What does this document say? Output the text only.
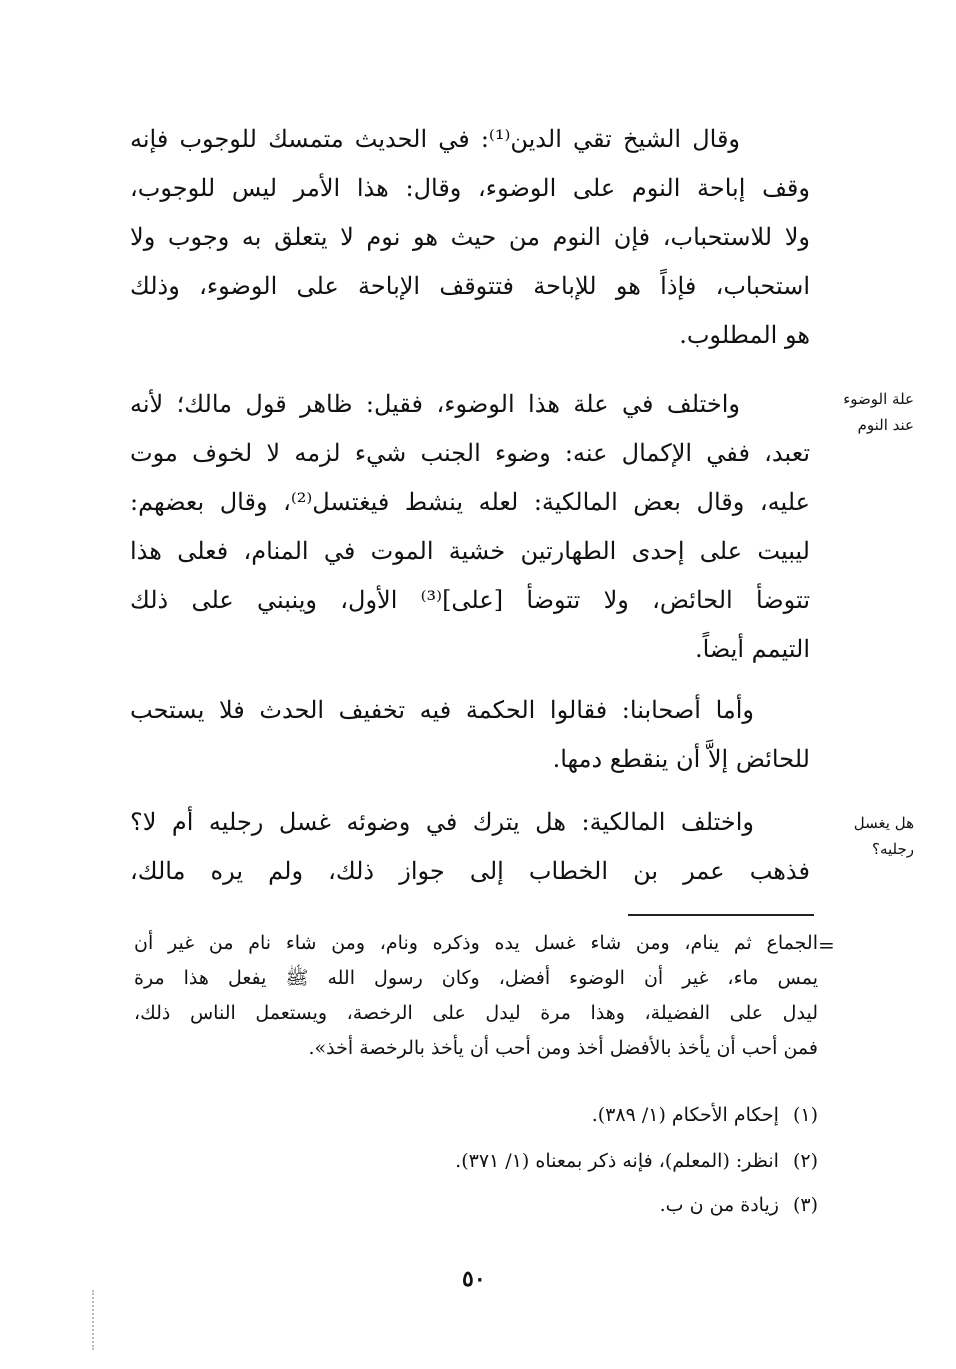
وقال الشيخ تقي الدين⁽¹⁾: في الحديث متمسك للوجوب فإنه
وقف إباحة النوم على الوضوء، وقال: هذا الأمر ليس للوجوب،
ولا للاستحباب، فإن النوم من حيث هو نوم لا يتعلق به وجوب ولا
استحباب، فإذاً هو للإباحة فتتوقف الإباحة على الوضوء، وذلك
هو المطلوب.
علة الوضوء
عند النوم
واختلف في علة هذا الوضوء، فقيل: ظاهر قول مالك؛ لأنه
تعبد، ففي الإكمال عنه: وضوء الجنب شيء لزمه لا لخوف موت
عليه، وقال بعض المالكية: لعله ينشط فيغتسل⁽²⁾، وقال بعضهم:
ليبيت على إحدى الطهارتين خشية الموت في المنام، فعلى هذا
تتوضأ الحائض، ولا تتوضأ [على]⁽³⁾ الأول، وينبني على ذلك
التيمم أيضاً.
وأما أصحابنا: فقالوا الحكمة فيه تخفيف الحدث فلا يستحب
للحائض إلاَّ أن ينقطع دمها.
هل يغسل
رجليه؟
واختلف المالكية: هل يترك في وضوئه غسل رجليه أم لا؟
فذهب عمر بن الخطاب إلى جواز ذلك، ولم يره مالك،
=
الجماع ثم ينام، ومن شاء غسل يده وذكره ونام، ومن شاء نام من غير أن
يمس ماء، غير أن الوضوء أفضل، وكان رسول الله ﷺ يفعل هذا مرة
ليدل على الفضيلة، وهذا مرة ليدل على الرخصة، ويستعمل الناس ذلك،
فمن أحب أن يأخذ بالأفضل أخذ ومن أحب أن يأخذ بالرخصة أخذ».
(١)إحكام الأحكام (١/ ٣٨٩).
(٢)انظر: (المعلم)، فإنه ذكر بمعناه (١/ ٣٧١).
(٣)زيادة من ن ب.
٥٠
